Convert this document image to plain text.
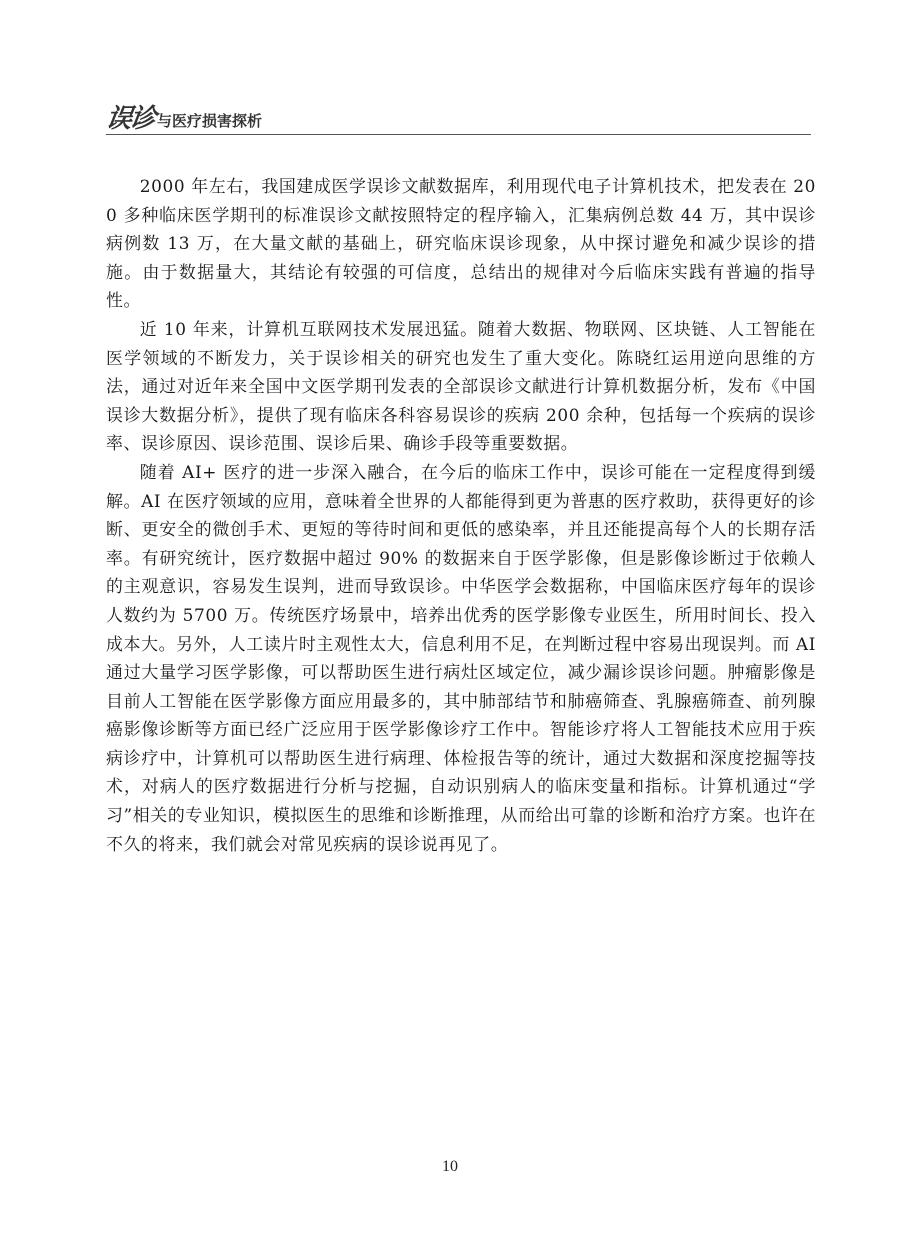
误诊 与医疗损害探析

2000 年左右，我国建成医学误诊文献数据库，利用现代电子计算机技术，把发表在 200 多种临床医学期刊的标准误诊文献按照特定的程序输入，汇集病例总数 44 万，其中误诊病例数 13 万，在大量文献的基础上，研究临床误诊现象，从中探讨避免和减少误诊的措施。由于数据量大，其结论有较强的可信度，总结出的规律对今后临床实践有普遍的指导性。

近 10 年来，计算机互联网技术发展迅猛。随着大数据、物联网、区块链、人工智能在医学领域的不断发力，关于误诊相关的研究也发生了重大变化。陈晓红运用逆向思维的方法，通过对近年来全国中文医学期刊发表的全部误诊文献进行计算机数据分析，发布《中国误诊大数据分析》，提供了现有临床各科容易误诊的疾病 200 余种，包括每一个疾病的误诊率、误诊原因、误诊范围、误诊后果、确诊手段等重要数据。

随着 AI+ 医疗的进一步深入融合，在今后的临床工作中，误诊可能在一定程度得到缓解。AI 在医疗领域的应用，意味着全世界的人都能得到更为普惠的医疗救助，获得更好的诊断、更安全的微创手术、更短的等待时间和更低的感染率，并且还能提高每个人的长期存活率。有研究统计，医疗数据中超过 90% 的数据来自于医学影像，但是影像诊断过于依赖人的主观意识，容易发生误判，进而导致误诊。中华医学会数据称，中国临床医疗每年的误诊人数约为 5700 万。传统医疗场景中，培养出优秀的医学影像专业医生，所用时间长、投入成本大。另外，人工读片时主观性太大，信息利用不足，在判断过程中容易出现误判。而 AI 通过大量学习医学影像，可以帮助医生进行病灶区域定位，减少漏诊误诊问题。肿瘤影像是目前人工智能在医学影像方面应用最多的，其中肺部结节和肺癌筛查、乳腺癌筛查、前列腺癌影像诊断等方面已经广泛应用于医学影像诊疗工作中。智能诊疗将人工智能技术应用于疾病诊疗中，计算机可以帮助医生进行病理、体检报告等的统计，通过大数据和深度挖掘等技术，对病人的医疗数据进行分析与挖掘，自动识别病人的临床变量和指标。计算机通过“学习”相关的专业知识，模拟医生的思维和诊断推理，从而给出可靠的诊断和治疗方案。也许在不久的将来，我们就会对常见疾病的误诊说再见了。

10
